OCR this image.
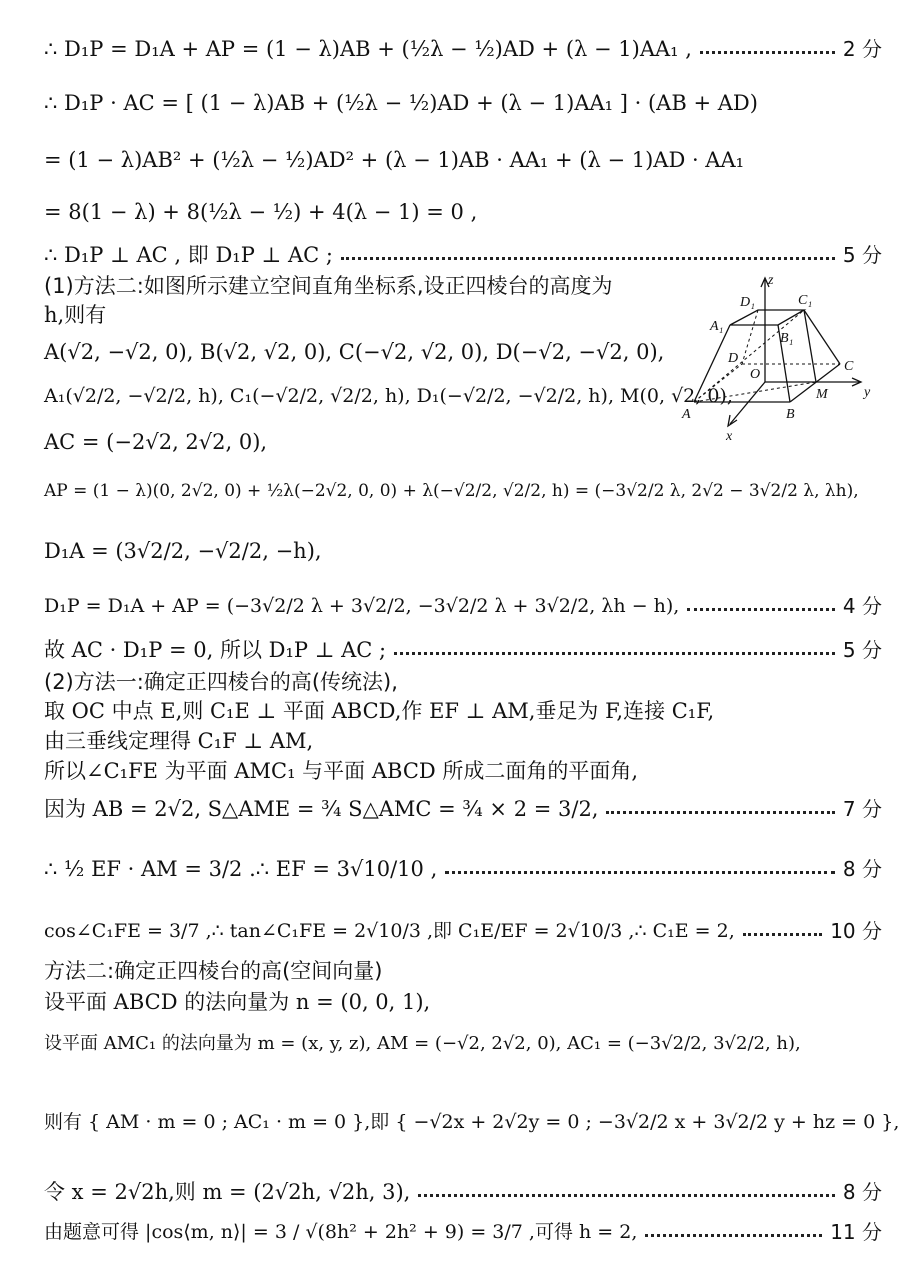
∴ D₁P = D₁A + AP = (1 − λ)AB + (½λ − ½)AD + (λ − 1)AA₁ ,	2 分
∴ D₁P · AC = [ (1 − λ)AB + (½λ − ½)AD + (λ − 1)AA₁ ] · (AB + AD)
= (1 − λ)AB² + (½λ − ½)AD² + (λ − 1)AB · AA₁ + (λ − 1)AD · AA₁
= 8(1 − λ) + 8(½λ − ½) + 4(λ − 1) = 0 ,
∴ D₁P ⊥ AC , 即 D₁P ⊥ AC ;	5 分
(1)方法二:如图所示建立空间直角坐标系,设正四棱台的高度为
h,则有
A(√2, −√2, 0), B(√2, √2, 0), C(−√2, √2, 0), D(−√2, −√2, 0),
A₁(√2/2, −√2/2, h), C₁(−√2/2, √2/2, h), D₁(−√2/2, −√2/2, h), M(0, √2, 0),
AC = (−2√2, 2√2, 0),
AP = (1 − λ)(0, 2√2, 0) + ½λ(−2√2, 0, 0) + λ(−√2/2, √2/2, h) = (−3√2/2 λ, 2√2 − 3√2/2 λ, λh),
D₁A = (3√2/2, −√2/2, −h),
D₁P = D₁A + AP = (−3√2/2 λ + 3√2/2, −3√2/2 λ + 3√2/2, λh − h),	4 分
故 AC · D₁P = 0, 所以 D₁P ⊥ AC ;	5 分
(2)方法一:确定正四棱台的高(传统法),
取 OC 中点 E,则 C₁E ⊥ 平面 ABCD,作 EF ⊥ AM,垂足为 F,连接 C₁F,
由三垂线定理得 C₁F ⊥ AM,
所以∠C₁FE 为平面 AMC₁ 与平面 ABCD 所成二面角的平面角,
因为 AB = 2√2, S△AME = ¾ S△AMC = ¾ × 2 = 3/2,	7 分
∴ ½ EF · AM = 3/2 .∴ EF = 3√10/10 ,	8 分
cos∠C₁FE = 3/7 ,∴ tan∠C₁FE = 2√10/3 ,即 C₁E/EF = 2√10/3 ,∴ C₁E = 2,	10 分
方法二:确定正四棱台的高(空间向量)
设平面 ABCD 的法向量为 n = (0, 0, 1),
设平面 AMC₁ 的法向量为 m = (x, y, z), AM = (−√2, 2√2, 0), AC₁ = (−3√2/2, 3√2/2, h),
则有 { AM · m = 0 ; AC₁ · m = 0 },即 { −√2x + 2√2y = 0 ; −3√2/2 x + 3√2/2 y + hz = 0 },
令 x = 2√2h,则 m = (2√2h, √2h, 3),	8 分
由题意可得 |cos⟨m, n⟩| = 3 / √(8h² + 2h² + 9) = 3/7 ,可得 h = 2,	11 分
z
D₁	C₁
A₁
B₁
D
O
C
y
A	B
M
x
